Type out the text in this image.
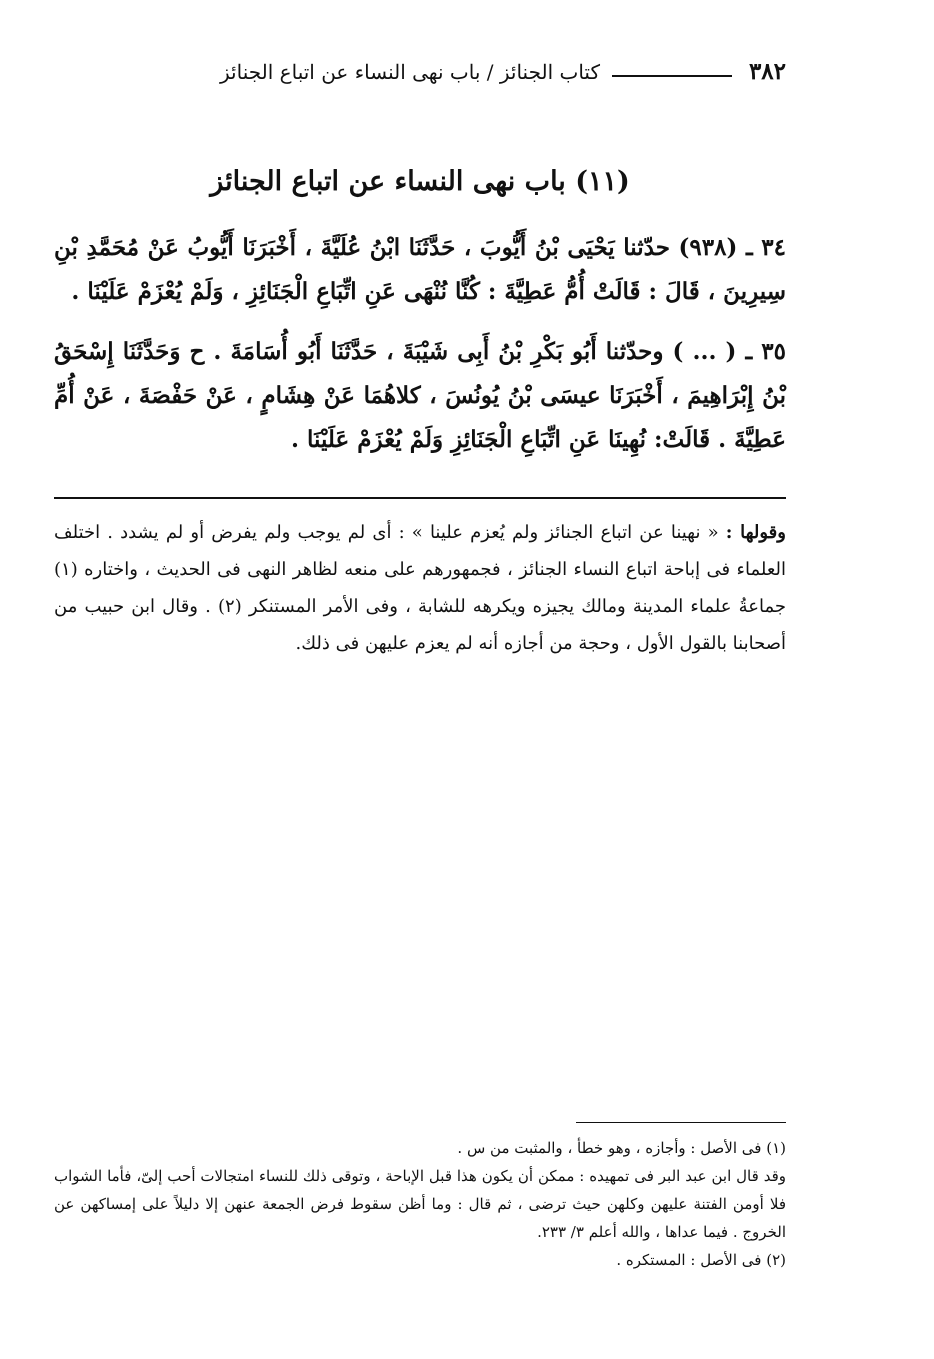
٣٨٢
كتاب الجنائز / باب نهى النساء عن اتباع الجنائز
(١١) باب نهى النساء عن اتباع الجنائز
٣٤ ـ (٩٣٨) حدّثنا يَحْيَى بْنُ أَيُّوبَ ، حَدَّثَنَا ابْنُ عُلَيَّةَ ، أَخْبَرَنَا أَيُّوبُ عَنْ مُحَمَّدِ بْنِ سِيرِينَ ، قَالَ : قَالَتْ أُمُّ عَطِيَّةَ : كُنَّا نُنْهَى عَنِ اتِّبَاعِ الْجَنَائِزِ ، وَلَمْ يُعْزَمْ عَلَيْنَا .
٣٥ ـ ( ... ) وحدّثنا أَبُو بَكْرِ بْنُ أَبِى شَيْبَةَ ، حَدَّثَنَا أَبُو أُسَامَةَ . ح وَحَدَّثَنَا إِسْحَقُ بْنُ إِبْرَاهِيمَ ، أَخْبَرَنَا عيسَى بْنُ يُونُسَ ، كلاهُمَا عَنْ هِشَامٍ ، عَنْ حَفْصَةَ ، عَنْ أُمِّ عَطِيَّةَ . قَالَتْ: نُهِينَا عَنِ اتِّبَاعِ الْجَنَائِزِ وَلَمْ يُعْزَمْ عَلَيْنَا .
وقولها : « نهينا عن اتباع الجنائز ولم يُعزم علينا » : أى لم يوجب ولم يفرض أو لم يشدد . اختلف العلماء فى إباحة اتباع النساء الجنائز ، فجمهورهم على منعه لظاهر النهى فى الحديث ، واختاره (١) جماعةُ علماء المدينة ومالك يجيزه ويكرهه للشابة ، وفى الأمر المستنكر (٢) . وقال ابن حبيب من أصحابنا بالقول الأول ، وحجة من أجازه أنه لم يعزم عليهن فى ذلك.

(١) فى الأصل : وأجازه ، وهو خطأ ، والمثبت من س .

وقد قال ابن عبد البر فى تمهيده : ممكن أن يكون هذا قبل الإباحة ، وتوقى ذلك للنساء امتجالات أحب إلىّ، فأما الشواب فلا أومن الفتنة عليهن وكلهن حيث ترضى ، ثم قال : وما أظن سقوط فرض الجمعة عنهن إلا دليلاً على إمساكهن عن الخروج . فيما عداها ، والله أعلم ٣/ ٢٣٣.

(٢) فى الأصل : المستكره .
